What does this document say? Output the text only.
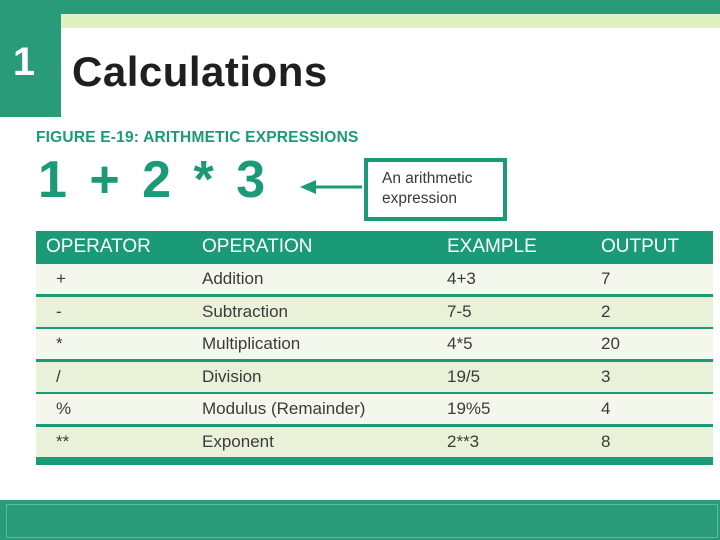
1 Calculations
FIGURE E-19: ARITHMETIC EXPRESSIONS
1 + 2 * 3	An arithmetic
expression
OPERATOR	OPERATION	EXAMPLE	OUTPUT
+	Addition	4+3	7
-	Subtraction	7-5	2
*	Multiplication	4*5	20
/	Division	19/5	3
%	Modulus (Remainder)	19%5	4
**	Exponent	2**3	8
